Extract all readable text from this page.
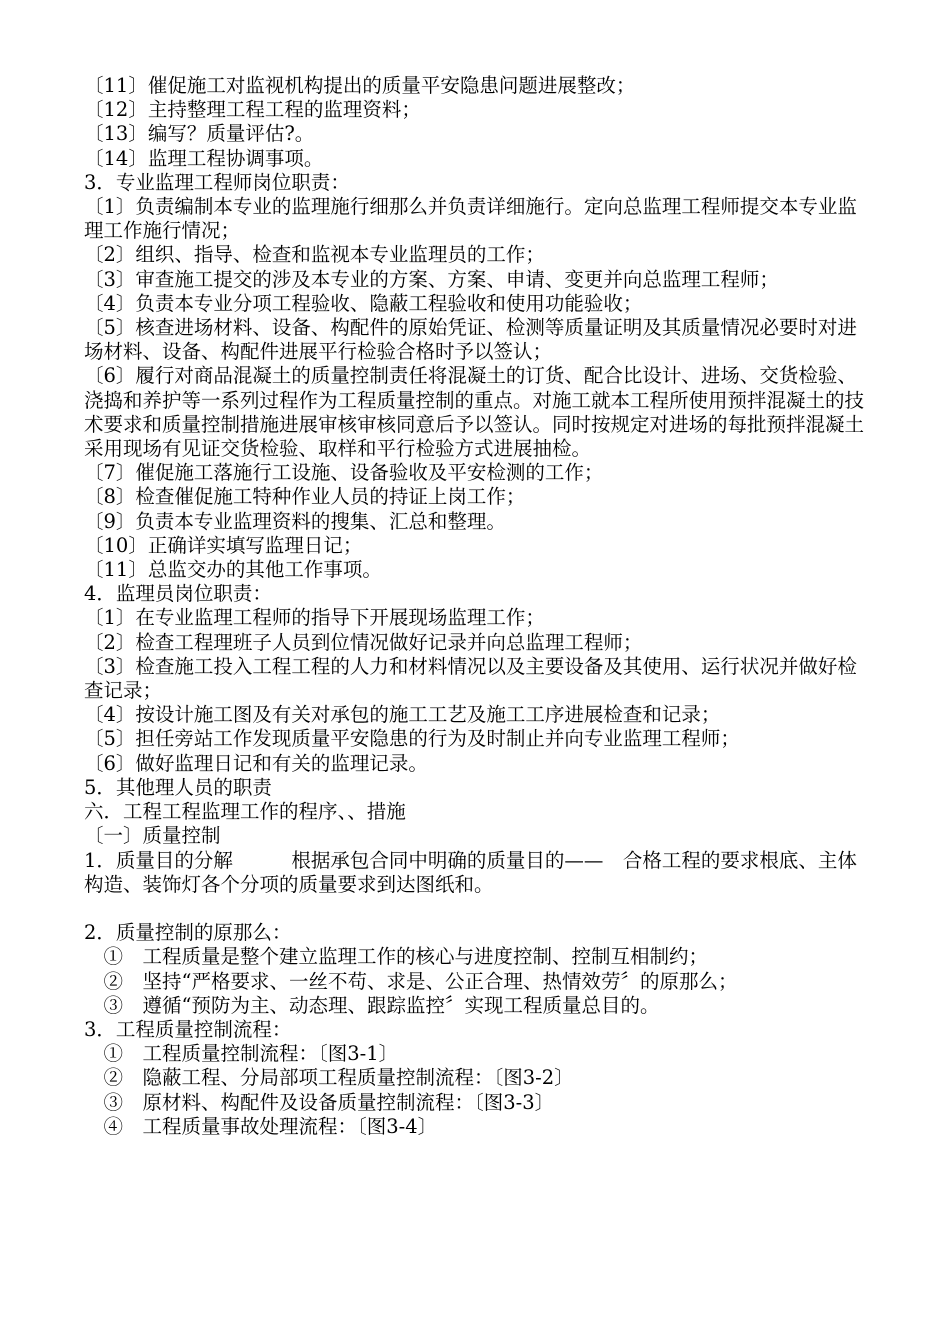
〔11〕催促施工对监视机构提出的质量平安隐患问题进展整改；

〔12〕主持整理工程工程的监理资料；

〔13〕编写？质量评估?。

〔14〕监理工程协调事项。

3．专业监理工程师岗位职责：

〔1〕负责编制本专业的监理施行细那么并负责详细施行。定向总监理工程师提交本专业监理工作施行情况；

〔2〕组织、指导、检查和监视本专业监理员的工作；

〔3〕审查施工提交的涉及本专业的方案、方案、申请、变更并向总监理工程师；

〔4〕负责本专业分项工程验收、隐蔽工程验收和使用功能验收；

〔5〕核查进场材料、设备、构配件的原始凭证、检测等质量证明及其质量情况必要时对进场材料、设备、构配件进展平行检验合格时予以签认；

〔6〕履行对商品混凝土的质量控制责任将混凝土的订货、配合比设计、进场、交货检验、浇捣和养护等一系列过程作为工程质量控制的重点。对施工就本工程所使用预拌混凝土的技术要求和质量控制措施进展审核审核同意后予以签认。同时按规定对进场的每批预拌混凝土采用现场有见证交货检验、取样和平行检验方式进展抽检。

〔7〕催促施工落施行工设施、设备验收及平安检测的工作；

〔8〕检查催促施工特种作业人员的持证上岗工作；

〔9〕负责本专业监理资料的搜集、汇总和整理。

〔10〕正确详实填写监理日记；

〔11〕总监交办的其他工作事项。

4．监理员岗位职责：

〔1〕在专业监理工程师的指导下开展现场监理工作；

〔2〕检查工程理班子人员到位情况做好记录并向总监理工程师；

〔3〕检查施工投入工程工程的人力和材料情况以及主要设备及其使用、运行状况并做好检查记录；

〔4〕按设计施工图及有关对承包的施工工艺及施工工序进展检查和记录；

〔5〕担任旁站工作发现质量平安隐患的行为及时制止并向专业监理工程师；

〔6〕做好监理日记和有关的监理记录。

5．其他理人员的职责

六．工程工程监理工作的程序、、措施

〔一〕质量控制

1．质量目的分解　　　根据承包合同中明确的质量目的——　合格工程的要求根底、主体构造、装饰灯各个分项的质量要求到达图纸和。

2．质量控制的原那么：

　①　工程质量是整个建立监理工作的核心与进度控制、控制互相制约；

　②　坚持“严格要求、一丝不苟、求是、公正合理、热情效劳〞的原那么；

　③　遵循“预防为主、动态理、跟踪监控〞实现工程质量总目的。

3．工程质量控制流程：

　①　工程质量控制流程：〔图3-1〕

　②　隐蔽工程、分局部项工程质量控制流程：〔图3-2〕

　③　原材料、构配件及设备质量控制流程：〔图3-3〕

　④　工程质量事故处理流程：〔图3-4〕
